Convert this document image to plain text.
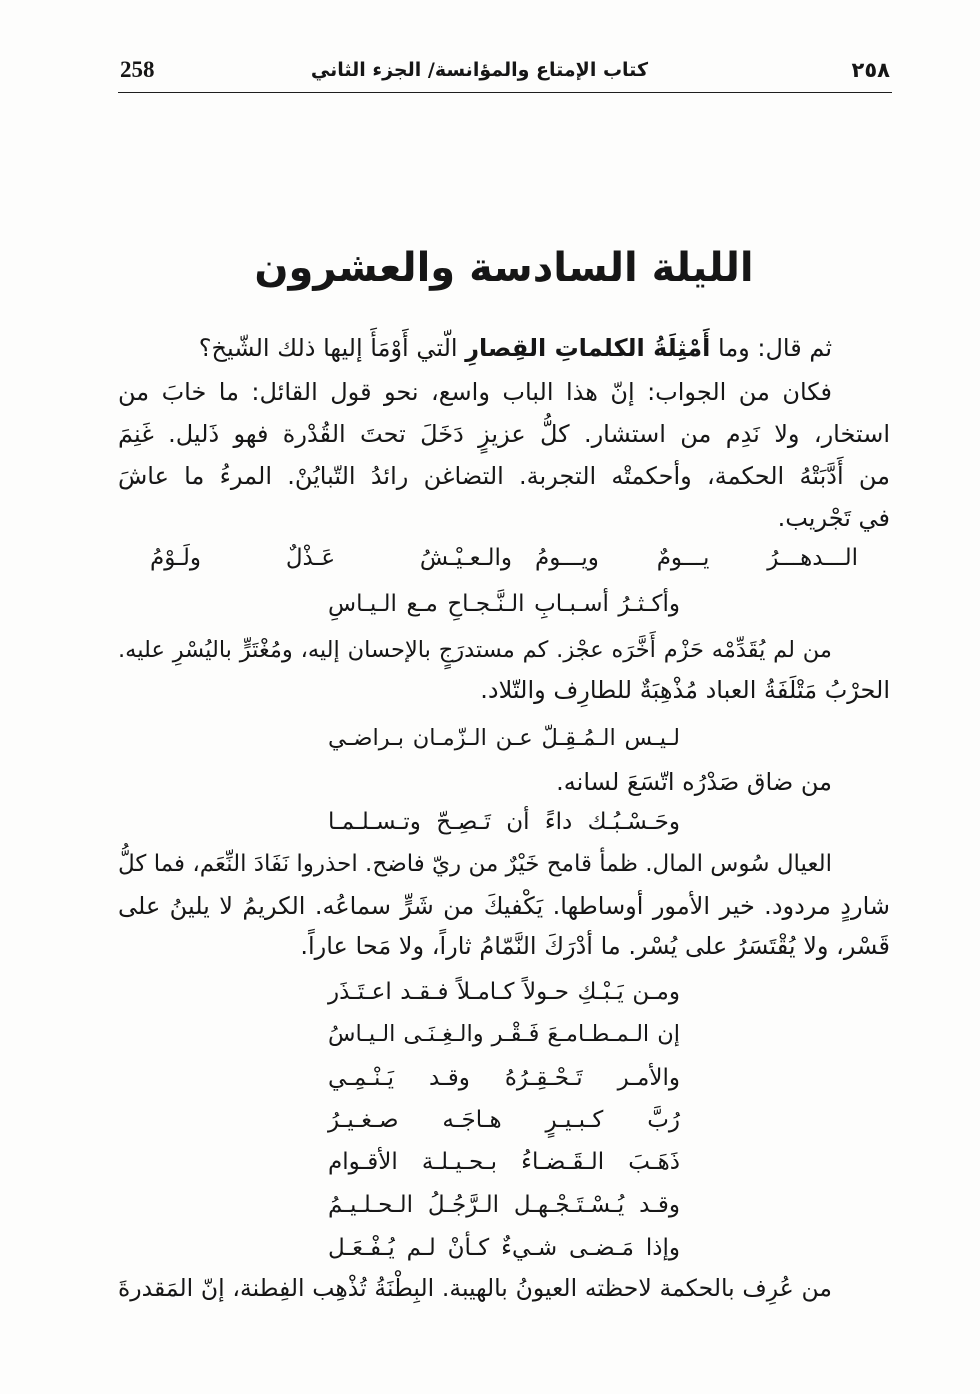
258	كتاب الإمتاع والمؤانسة/ الجزء الثاني	٢٥٨
الليلة السادسة والعشرون
ثم قال: وما أَمْثِلَةُ الكلماتِ القِصارِ الّتي أَوْمَأَ إليها ذلك الشّيخ؟
فكان من الجواب: إنّ هذا الباب واسع، نحو قول القائل: ما خابَ من
استخار، ولا نَدِم من استشار. كلُّ عزيزٍ دَخَلَ تحتَ القُدْرة فهو ذَليل. غَنِمَ
من أَدَّبَتْهُ الحكمة، وأحكمتْه التجربة. التضاغن رائدُ التّبايُنْ. المرءُ ما عاشَ
في تَجْريب.
الـــدهـــرُ يـــومٌ ويـــومُ
والـعـيْـشُ عَـذْلٌ ولَـوْمُ
وأكـثـرُ أسـبـابِ الـنَّـجـاحِ مـع الـيـاسِ
من لم يُقَدِّمْه حَزْم أَخَّرَه عجْز. كم مستدرَجٍ بالإحسان إليه، ومُغْتَرٍّ باليُسْرِ عليه.
الحرْبُ مَتْلَفَةُ العباد مُذْهِبَةٌ للطارِف والتّلاد.
لـيـس الـمُـقِـلّ عـن الـزّمـان بـراضـي
من ضاق صَدْرُه اتّسَعَ لسانه.
وحَـسْـبُـك داءً أن تَـصِـحّ وتـسـلـمـا
العيال سُوس المال. ظمأ قامح خَيْرٌ من ريّ فاضح. احذروا نَفَادَ النِّعَم، فما كلُّ
شاردٍ مردود. خير الأمور أوساطها. يَكْفيكَ من شَرٍّ سماعُه. الكريمُ لا يلينُ على
قَسْر، ولا يُقْتَسَرُ على يُسْر. ما أدْرَكَ النَّمّامُ ثاراً، ولا مَحا عاراً.
ومـن يَـبْـكِ حـولاً كـامـلاً فـقـد اعـتَـذَر
إن الـمـطـامـعَ فَـقْـر والـغِـنَـى الـيـاسُ
والأمـر تَـحْـقِـرُهُ وقـد يَـنْـمِـي
رُبَّ كـبـيـرٍ هـاجَـه صـغـيـرُ
ذَهَـبَ الـقَـضـاءُ بـحـيـلـة الأقـوام
وقـد يُـسْـتَـجْـهـل الـرَّجُـلُ الـحـلـيـمُ
وإذا مَـضـى شـيءٌ كـأنْ لـم يُـفْـعَـل
من عُرِف بالحكمة لاحظته العيونُ بالهيبة. البِطْنَةُ تُذْهِب الفِطنة، إنّ المَقدرةَ
